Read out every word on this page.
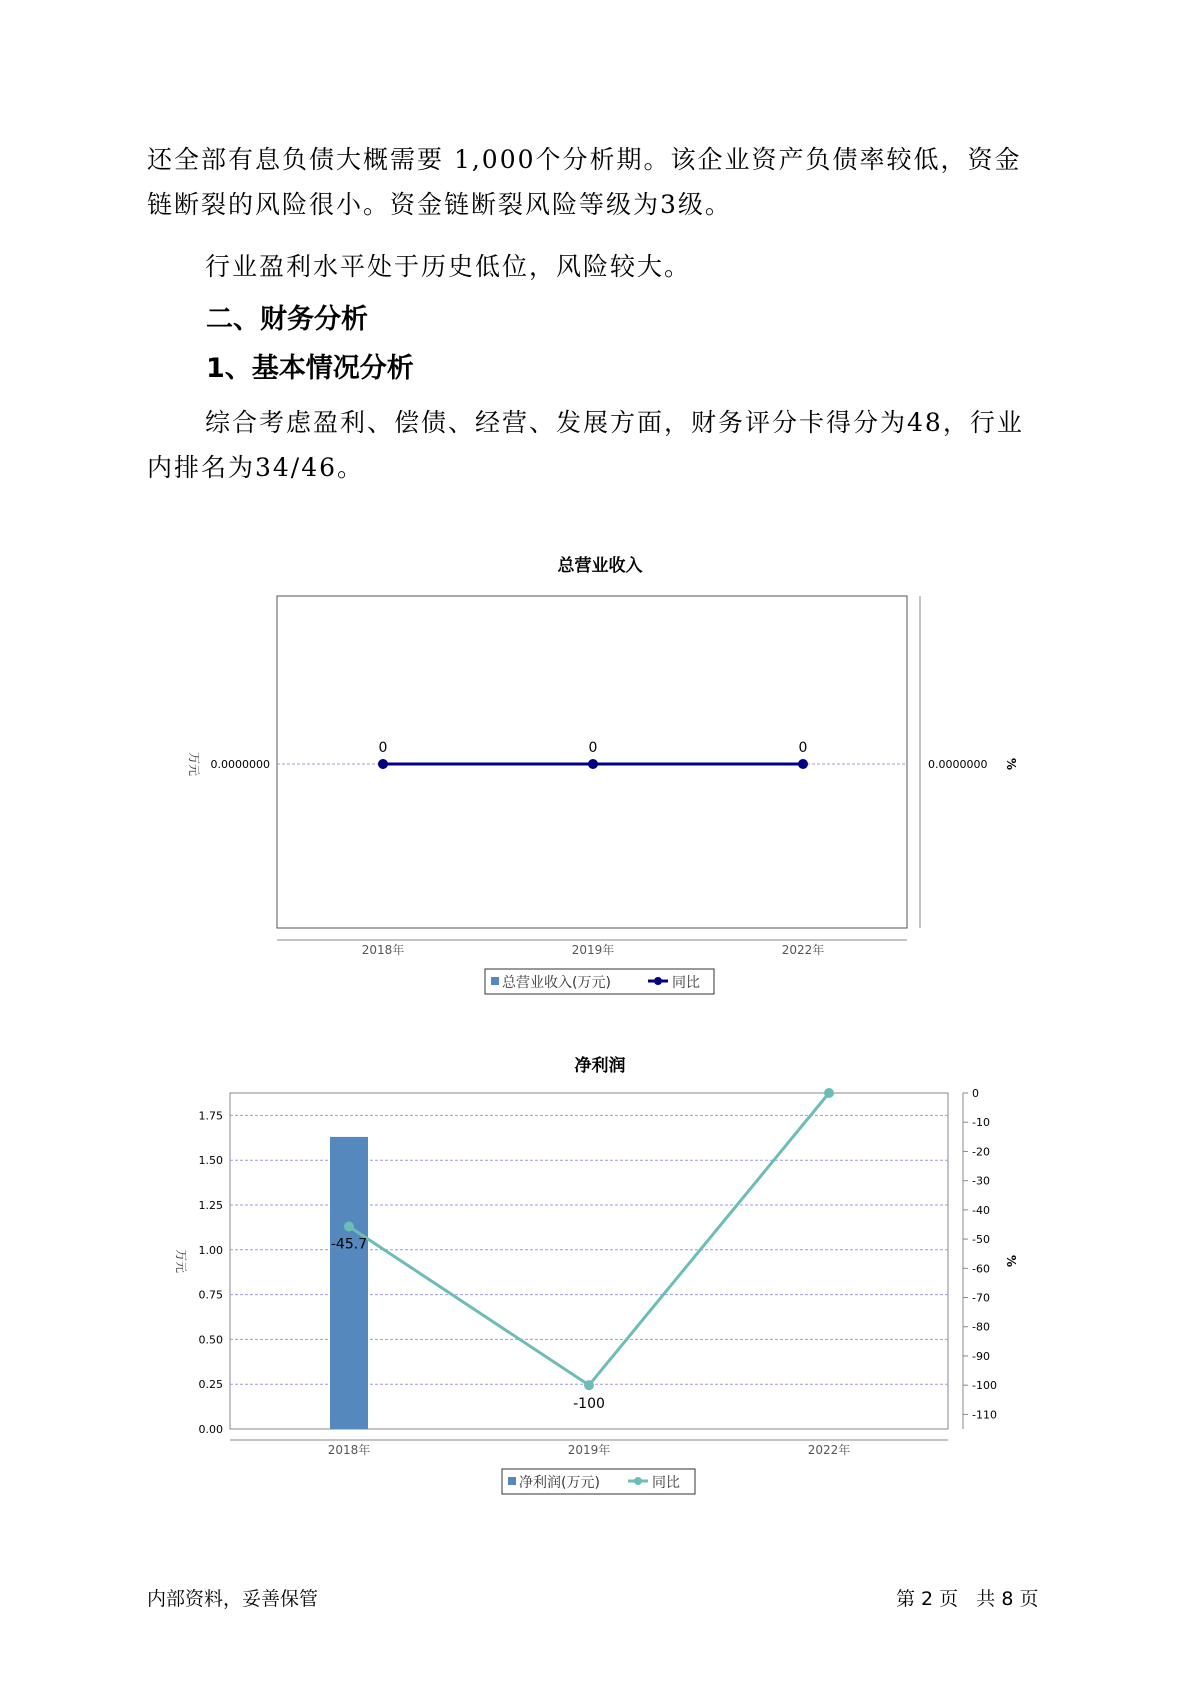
还全部有息负债大概需要 1,000个分析期。该企业资产负债率较低，资金
链断裂的风险很小。资金链断裂风险等级为3级。
行业盈利水平处于历史低位，风险较大。
二、财务分析
1、基本情况分析
综合考虑盈利、偿债、经营、发展方面，财务评分卡得分为48，行业
内排名为34/46。
总营业收入
0.0000000	0.0000000
万元	%
0
2018年
0
2019年
0
2022年
总营业收入(万元)	同比
净利润
0.00
0.25
0.50
0.75
1.00
1.25
1.50
1.75
0
-10
-20
-30
-40
-50
-60
-70
-80
-90
-100
-110
万元	%
-45.7
-100
2018年	2019年	2022年
净利润(万元)	同比
内部资料，妥善保管	第 2 页   共 8 页
